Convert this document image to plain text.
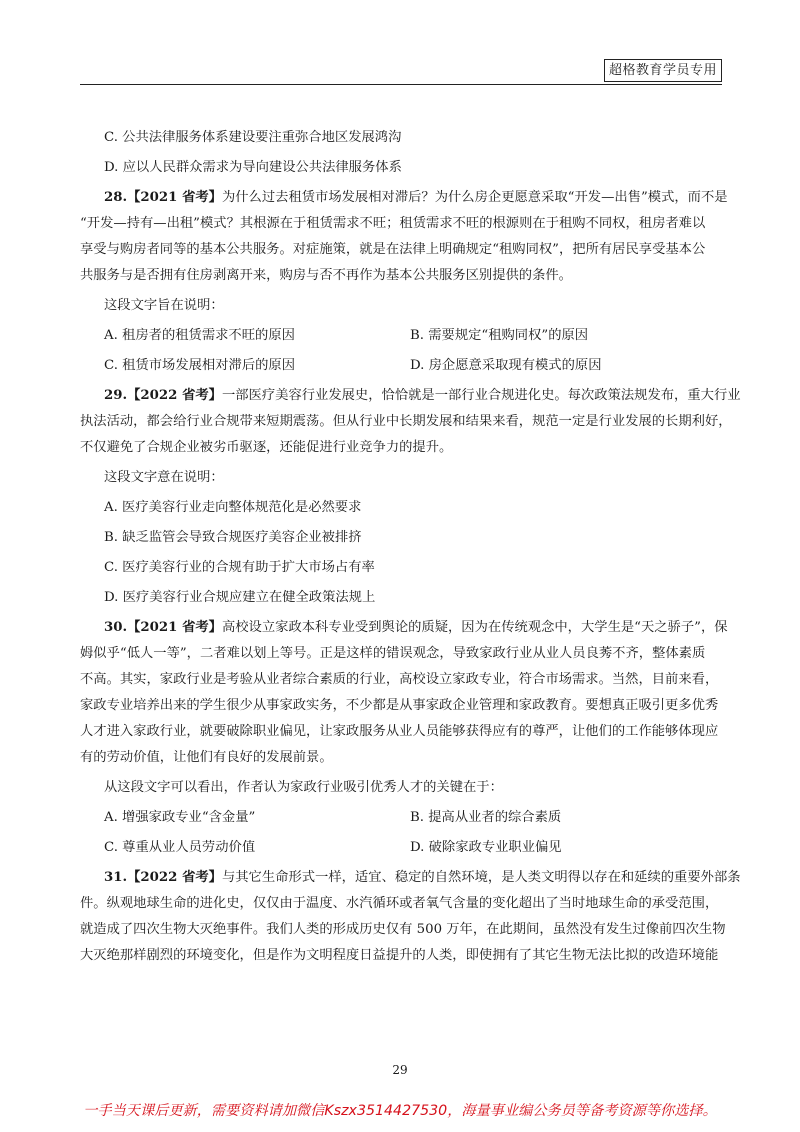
超格教育学员专用
C. 公共法律服务体系建设要注重弥合地区发展鸿沟
D. 应以人民群众需求为导向建设公共法律服务体系
28.【2021 省考】为什么过去租赁市场发展相对滞后？为什么房企更愿意采取“开发—出售”模式，而不是
“开发—持有—出租”模式？其根源在于租赁需求不旺；租赁需求不旺的根源则在于租购不同权，租房者难以
享受与购房者同等的基本公共服务。对症施策，就是在法律上明确规定“租购同权”，把所有居民享受基本公
共服务与是否拥有住房剥离开来，购房与否不再作为基本公共服务区别提供的条件。
这段文字旨在说明：
A. 租房者的租赁需求不旺的原因	B. 需要规定“租购同权”的原因
C. 租赁市场发展相对滞后的原因	D. 房企愿意采取现有模式的原因
29.【2022 省考】一部医疗美容行业发展史，恰恰就是一部行业合规进化史。每次政策法规发布，重大行业
执法活动，都会给行业合规带来短期震荡。但从行业中长期发展和结果来看，规范一定是行业发展的长期利好，
不仅避免了合规企业被劣币驱逐，还能促进行业竞争力的提升。
这段文字意在说明：
A. 医疗美容行业走向整体规范化是必然要求
B. 缺乏监管会导致合规医疗美容企业被排挤
C. 医疗美容行业的合规有助于扩大市场占有率
D. 医疗美容行业合规应建立在健全政策法规上
30.【2021 省考】高校设立家政本科专业受到舆论的质疑，因为在传统观念中，大学生是“天之骄子”，保
姆似乎“低人一等”，二者难以划上等号。正是这样的错误观念，导致家政行业从业人员良莠不齐，整体素质
不高。其实，家政行业是考验从业者综合素质的行业，高校设立家政专业，符合市场需求。当然，目前来看，
家政专业培养出来的学生很少从事家政实务，不少都是从事家政企业管理和家政教育。要想真正吸引更多优秀
人才进入家政行业，就要破除职业偏见，让家政服务从业人员能够获得应有的尊严，让他们的工作能够体现应
有的劳动价值，让他们有良好的发展前景。
从这段文字可以看出，作者认为家政行业吸引优秀人才的关键在于：
A. 增强家政专业“含金量”	B. 提高从业者的综合素质
C. 尊重从业人员劳动价值	D. 破除家政专业职业偏见
31.【2022 省考】与其它生命形式一样，适宜、稳定的自然环境，是人类文明得以存在和延续的重要外部条
件。纵观地球生命的进化史，仅仅由于温度、水汽循环或者氧气含量的变化超出了当时地球生命的承受范围，
就造成了四次生物大灭绝事件。我们人类的形成历史仅有 500 万年，在此期间，虽然没有发生过像前四次生物
大灭绝那样剧烈的环境变化，但是作为文明程度日益提升的人类，即使拥有了其它生物无法比拟的改造环境能
29
一手当天课后更新，需要资料请加微信Kszx3514427530，海量事业编公务员等备考资源等你选择。
